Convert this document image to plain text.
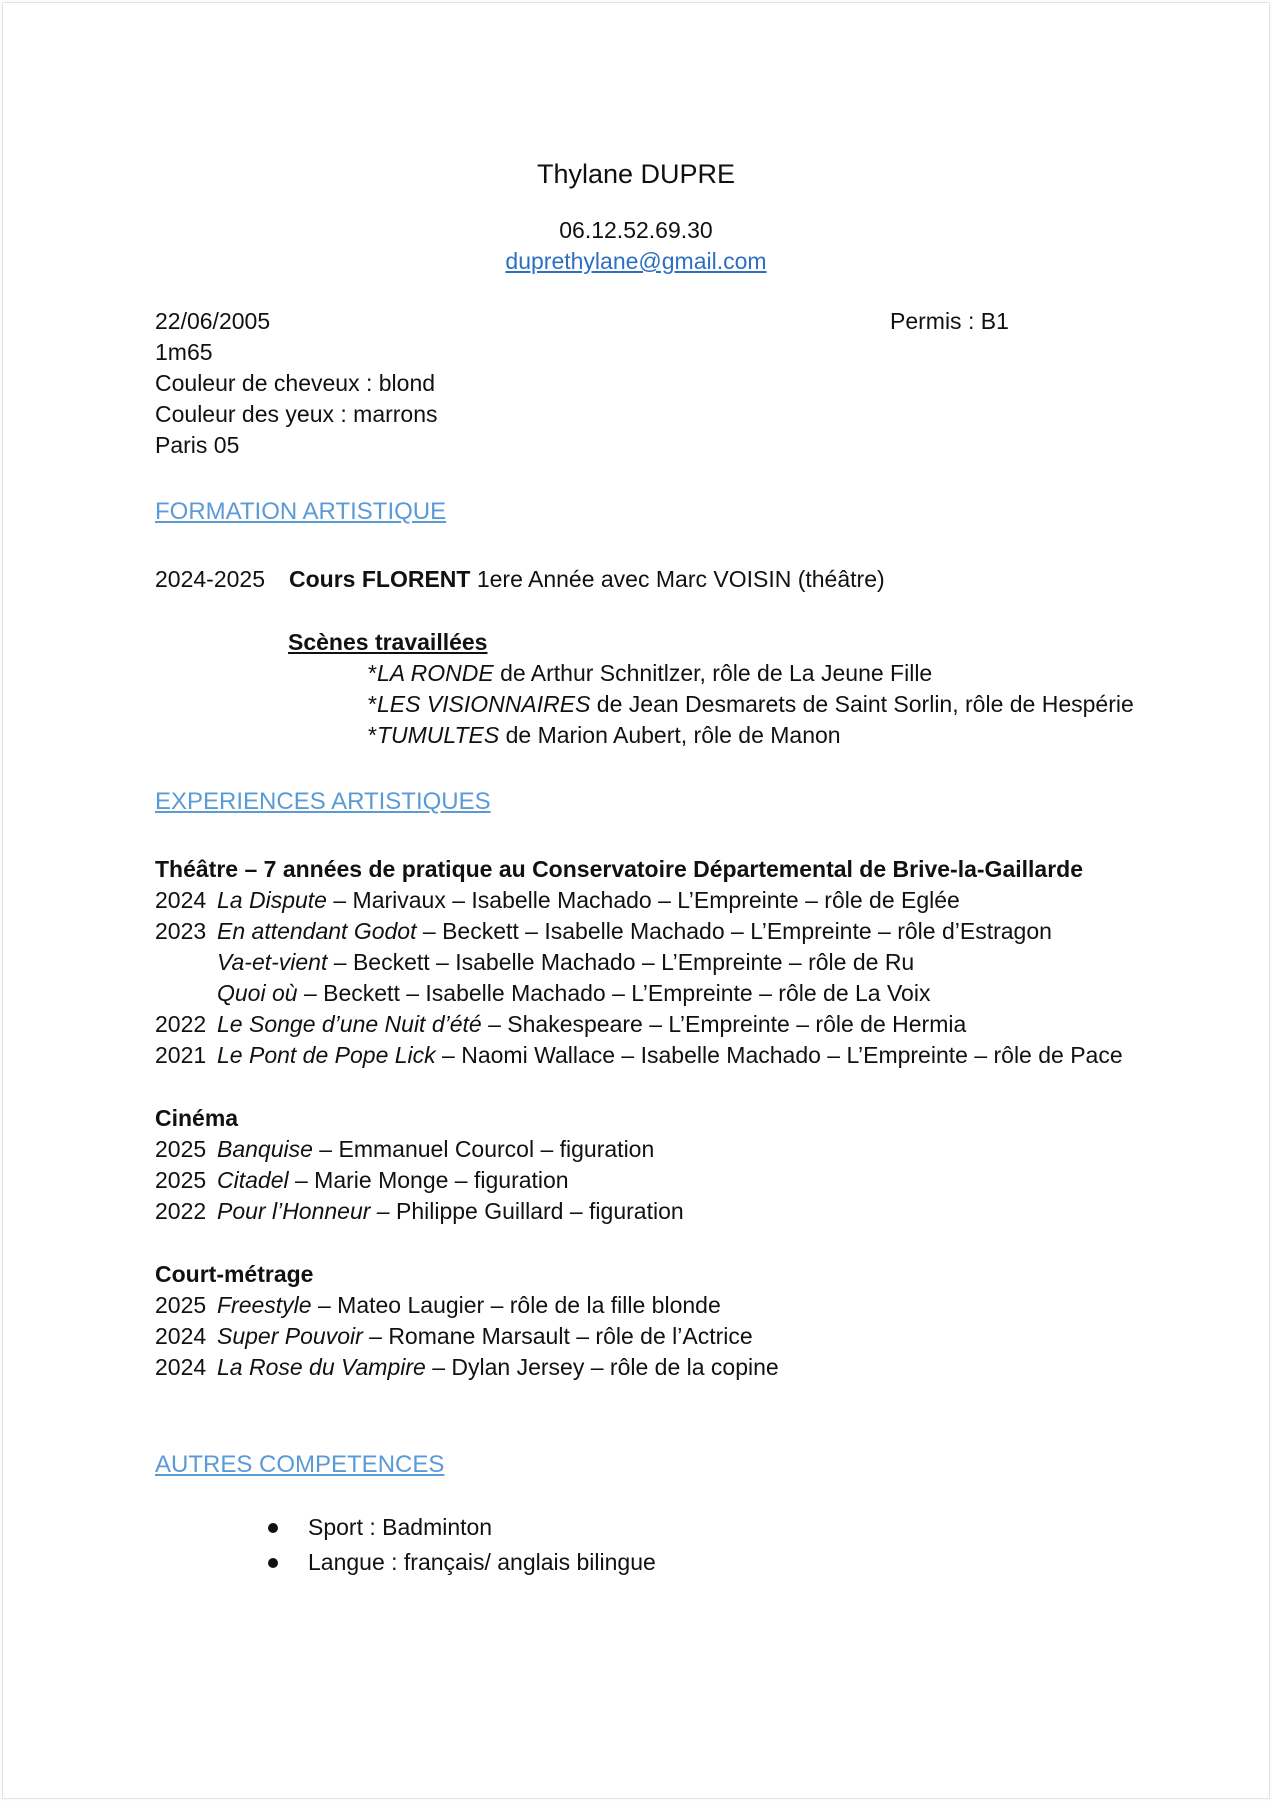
Thylane DUPRE
06.12.52.69.30
duprethylane@gmail.com
22/06/2005
1m65
Couleur de cheveux : blond
Couleur des yeux : marrons
Paris 05
Permis : B1
FORMATION ARTISTIQUE
2024-2025 Cours FLORENT 1ere Année avec Marc VOISIN (théâtre)
Scènes travaillées
*LA RONDE de Arthur Schnitlzer, rôle de La Jeune Fille
*LES VISIONNAIRES de Jean Desmarets de Saint Sorlin, rôle de Hespérie
*TUMULTES de Marion Aubert, rôle de Manon
EXPERIENCES ARTISTIQUES
Théâtre – 7 années de pratique au Conservatoire Départemental de Brive-la-Gaillarde
2024 La Dispute – Marivaux – Isabelle Machado – L’Empreinte – rôle de Eglée
2023 En attendant Godot – Beckett – Isabelle Machado – L’Empreinte – rôle d’Estragon
Va-et-vient – Beckett – Isabelle Machado – L’Empreinte – rôle de Ru
Quoi où – Beckett – Isabelle Machado – L’Empreinte – rôle de La Voix
2022 Le Songe d’une Nuit d’été – Shakespeare – L’Empreinte – rôle de Hermia
2021 Le Pont de Pope Lick – Naomi Wallace – Isabelle Machado – L’Empreinte – rôle de Pace
Cinéma
2025 Banquise – Emmanuel Courcol – figuration
2025 Citadel – Marie Monge – figuration
2022 Pour l’Honneur – Philippe Guillard – figuration
Court-métrage
2025 Freestyle – Mateo Laugier – rôle de la fille blonde
2024 Super Pouvoir – Romane Marsault – rôle de l’Actrice
2024 La Rose du Vampire – Dylan Jersey – rôle de la copine
AUTRES COMPETENCES
Sport : Badminton
Langue : français/ anglais bilingue
